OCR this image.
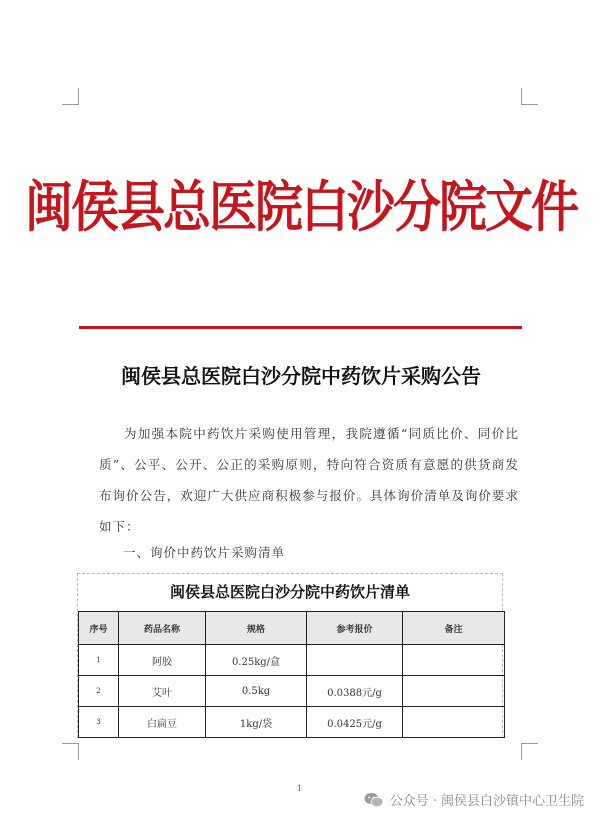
闽侯县总医院白沙分院文件
闽侯县总医院白沙分院中药饮片采购公告
为加强本院中药饮片采购使用管理，我院遵循“同质比价、同价比质”、公平、公开、公正的采购原则，特向符合资质有意愿的供货商发布询价公告，欢迎广大供应商积极参与报价。具体询价清单及询价要求如下：
一、询价中药饮片采购清单
闽侯县总医院白沙分院中药饮片清单
序号	药品名称	规格	参考报价	备注
1	阿胶	0.25kg/盒		
2	艾叶	0.5kg	0.0388元/g	
3	白扁豆	1kg/袋	0.0425元/g	
1
公众号 · 闽侯县白沙镇中心卫生院
